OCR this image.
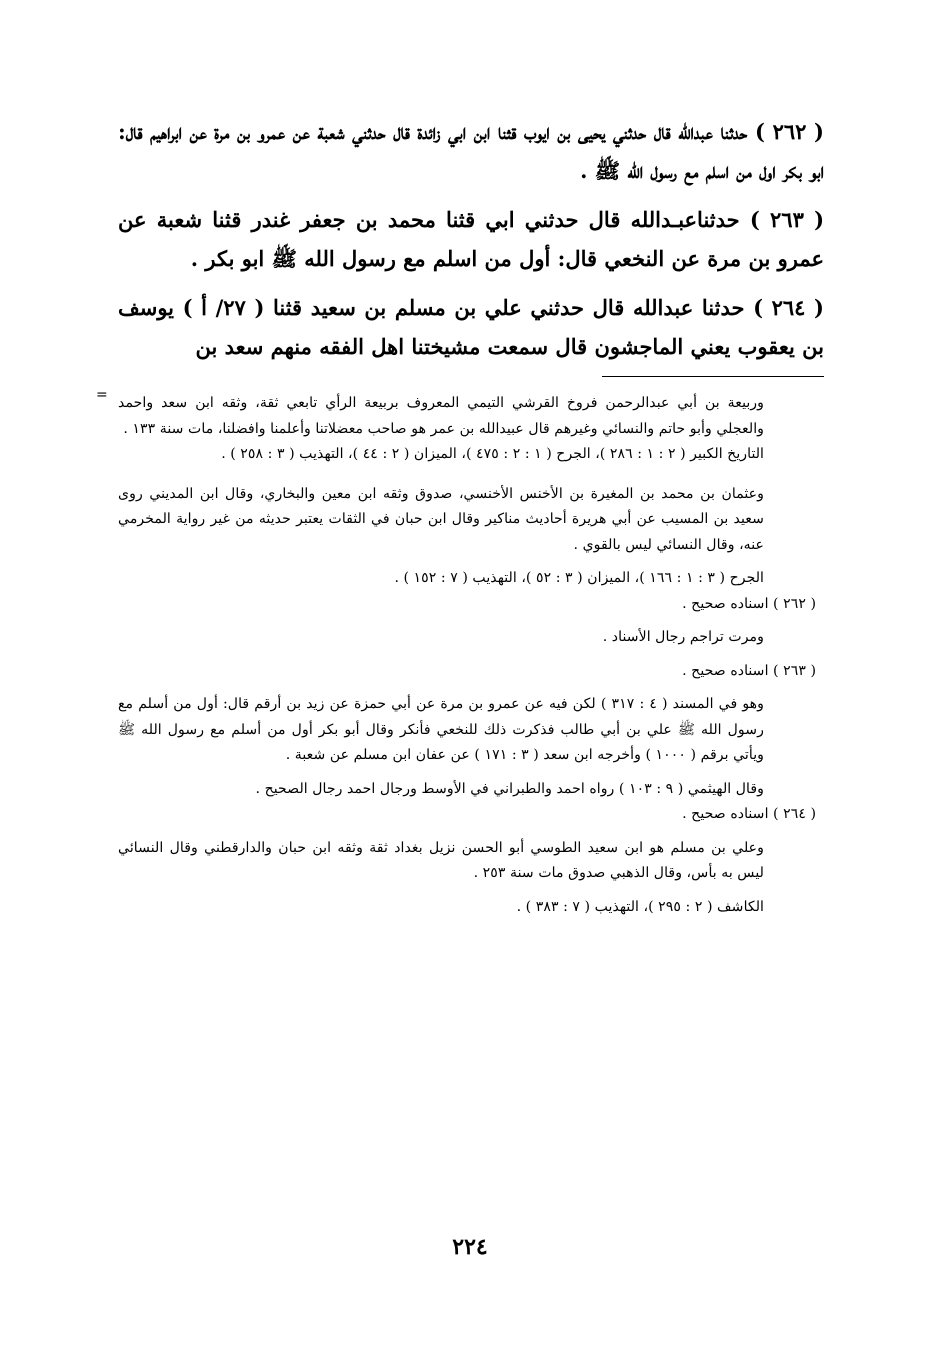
( ٢٦٢ ) حدثنا عبدالله قال حدثني يحيى بن ايوب قثنا ابن ابي زائدة قال حدثني شعبة عن عمرو بن مرة عن ابراهيم قال: ابو بكر اول من اسلم مع رسول الله ﷺ .

( ٢٦٣ ) حدثناعبـدالله قال حدثني ابي قثنا محمد بن جعفر غندر قثنا شعبة عن عمرو بن مرة عن النخعي قال: أول من اسلم مع رسول الله ﷺ ابو بكر .

( ٢٦٤ ) حدثنا عبدالله قال حدثني علي بن مسلم بن سعيد قثنا ( ٢٧/ أ ) يوسف بن يعقوب يعني الماجشون قال سمعت مشيختنا اهل الفقه منهم سعد بن

= وربيعة بن أبي عبدالرحمن فروخ القرشي التيمي المعروف بربيعة الرأي تابعي ثقة، وثقه ابن سعد واحمد والعجلي وأبو حاتم والنسائي وغيرهم قال عبيدالله بن عمر هو صاحب معضلاتنا وأعلمنا وافضلنا، مات سنة ١٣٣ .

التاريخ الكبير ( ٢ : ١ : ٢٨٦ )، الجرح ( ١ : ٢ : ٤٧٥ )، الميزان ( ٢ : ٤٤ )، التهذيب ( ٣ : ٢٥٨ ) .

وعثمان بن محمد بن المغيرة بن الأخنس الأخنسي، صدوق وثقه ابن معين والبخاري، وقال ابن المديني روى سعيد بن المسيب عن أبي هريرة أحاديث مناكير وقال ابن حبان في الثقات يعتبر حديثه من غير رواية المخرمي عنه، وقال النسائي ليس بالقوي .

الجرح ( ٣ : ١ : ١٦٦ )، الميزان ( ٣ : ٥٢ )، التهذيب ( ٧ : ١٥٢ ) .

( ٢٦٢ ) اسناده صحيح .

ومرت تراجم رجال الأسناد .

( ٢٦٣ ) اسناده صحيح .

وهو في المسند ( ٤ : ٣١٧ ) لكن فيه عن عمرو بن مرة عن أبي حمزة عن زيد بن أرقم قال: أول من أسلم مع رسول الله ﷺ علي بن أبي طالب فذكرت ذلك للنخعي فأنكر وقال أبو بكر أول من أسلم مع رسول الله ﷺ ويأتي برقم ( ١٠٠٠ ) وأخرجه ابن سعد ( ٣ : ١٧١ ) عن عفان ابن مسلم عن شعبة .

وقال الهيثمي ( ٩ : ١٠٣ ) رواه احمد والطبراني في الأوسط ورجال احمد رجال الصحيح .

( ٢٦٤ ) اسناده صحيح .

وعلي بن مسلم هو ابن سعيد الطوسي أبو الحسن نزيل بغداد ثقة وثقه ابن حبان والدارقطني وقال النسائي ليس به بأس، وقال الذهبي صدوق مات سنة ٢٥٣ .

الكاشف ( ٢ : ٢٩٥ )، التهذيب ( ٧ : ٣٨٣ ) .

٢٢٤
